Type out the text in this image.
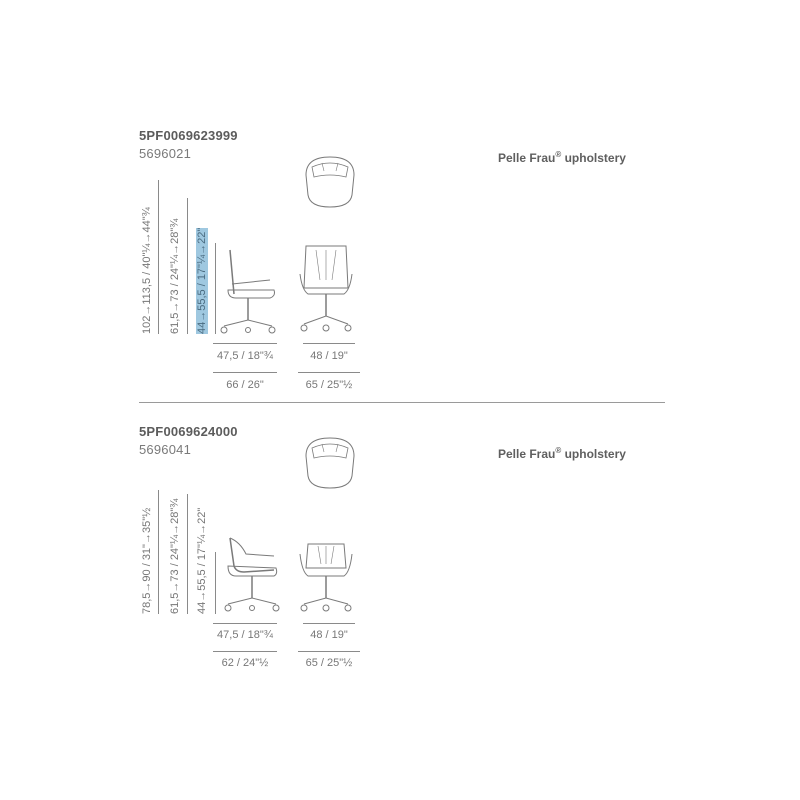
5PF0069623999
5696021	Pelle Frau® upholstery
102→113,5 / 40"¼→44"¾ 61,5→73 / 24"¼→28"¾ 44→55,5 / 17"¼→22"
47,5 / 18"¾	48 / 19"
66 / 26"	65 / 25"½
5PF0069624000
5696041	Pelle Frau® upholstery
78,5→90 / 31"→35"½ 61,5→73 / 24"¼→28"¾ 44→55,5 / 17"¼→22"
47,5 / 18"¾	48 / 19"
62 / 24"½	65 / 25"½
